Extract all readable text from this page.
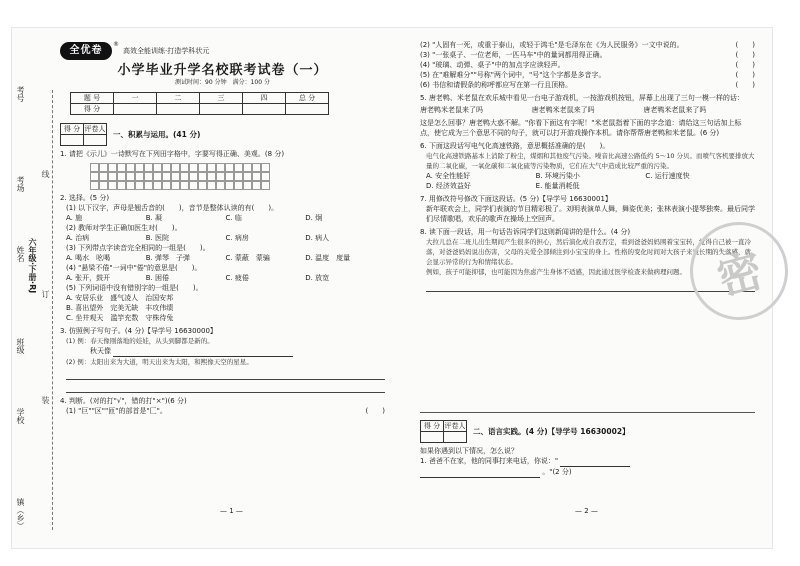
考号
考场
姓名 六年级·下册·RJ
班级
学校
镇（乡）
线
订
装
全优卷
®
高效全能训练·打造学科状元
小学毕业升学名校联考试卷（一）
测试时间：90 分钟　满分：100 分
题 号	一	二	三	四	总 分
得 分					
得 分	评卷人

一、积累与运用。(41 分)
1. 请把《示儿》一诗默写在下列田字格中，字要写得正确、美观。(8 分)
2. 选择。(5 分)
(1) 以下汉字，声母是翘舌音的(　　)，音节是整体认读的有(　　)。
A. 施	B. 凝	C. 临	D. 炯
(2) 教师对学生正确加医生对(　　)。
A. 治病	B. 医院	C. 病房	D. 病人
(3) 下列带点字读音完全相同的一组是(　　)。
A. 喝水　吆喝	B. 弹琴　子弹	C. 蒙蔽　蒙骗	D. 温度　度量
(4) "悬梁不倦"一词中"倦"的意思是(　　)。
A. 张开，鼓开	B. 困倦	C. 疲倦	D. 放宽
(5) 下列词语中没有错别字的一组是(　　)。
A. 安居乐业　盛气凌人　治国安邦
B. 喜出望外　完美无缺　丰攻伟绩
C. 坐井观天　滥竽充数　守株待兔
3. 仿照例子写句子。(4 分)【导学号 16630000】
(1) 例：春天像刚落地的娃娃，从头到脚都是新的。
秋天像
(2) 例：太阳出来为大道，明天出来为太阳，和熙像天空的星星。
4. 判断。(对的打"√"，错的打"×")(6 分)
(1) "巨""区""匝"的部首是"匚"。	(　　)
— 1 —
(2) "人固有一死，或重于泰山，或轻于鸿毛"是毛泽东在《为人民服务》一文中说的。	(　　)
(3) "一张桌子、一位老师，一匹马车"中的量词都用得正确。	(　　)
(4) "玻璃、动弹、桌子"中的加点字应读轻声。	(　　)
(5) 在"难解难分""号称"两个词中，"号"这个字都是多音字。	(　　)
(6) 书信和请假条的称呼都应写在第一行且顶格。	(　　)
5. 唐老鸭、米老鼠在欢乐城中看见一台电子游戏机，一按游戏机按钮，屏幕上出现了三句一模一样的话：
唐老鸭米老鼠来了吗	唐老鸭米老鼠来了吗	唐老鸭米老鼠来了吗
这是怎么回事？唐老鸭大惑不解。"你看下面这有字呢！"米老鼠指着下面的字念道：请给这三句话加上标点，使它成为三个意思不同的句子，就可以打开游戏操作本机。请你帮帮唐老鸭和米老鼠。(6 分)
6. 下面这段话写电气化高速铁路，意思概括准确的是(　　)。
电气化高速铁路基本上消除了粉尘，煤烟和其他废气污染。噪音比高速公路低约 5～10 分贝。而喷气客机要排放大量的二氧化碳，一氧化碳和二氧化硫等污染物质，它们在大气中造成比较严重的污染。
A. 安全性能好	B. 环境污染小	C. 运行速度快
D. 经济效益好	E. 能量消耗低
7. 用修改符号修改下面这段话。(5 分)【导学号 16630001】
新年联欢会上，同学们表演的节目精彩极了。刘明表演单人舞，舞姿优美；张林表演小提琴独奏。最后同学们尽情歌唱，欢乐的歌声在操场上空回声。
8. 读下面一段话，用一句话告诉同学们这则新闻讲的是什么。(4 分)
大拉儿总在二班儿出生期间产生很多的担心，然后演化成自我否定，看到爸爸妈妈围着宝宝转，觉得自己被一直冷落，对爸爸妈妈说出伤害，父母的关爱全部倾注到小宝宝的身上。性格的变化时间对大孩子来说长期的失落感，就会显示异常的行为和情绪状态。
例如，孩子可能抑郁，也可能因为焦虑产生身体不适感，因此通过医学检查来做病理问题。
得 分	评卷人

二、语言实践。(4 分)【导学号 16630002】
如果你遇到以下情况，怎么说？
1. 爸爸不在家，他的同事打来电话，你说："
。"(2 分)
密
— 2 —
